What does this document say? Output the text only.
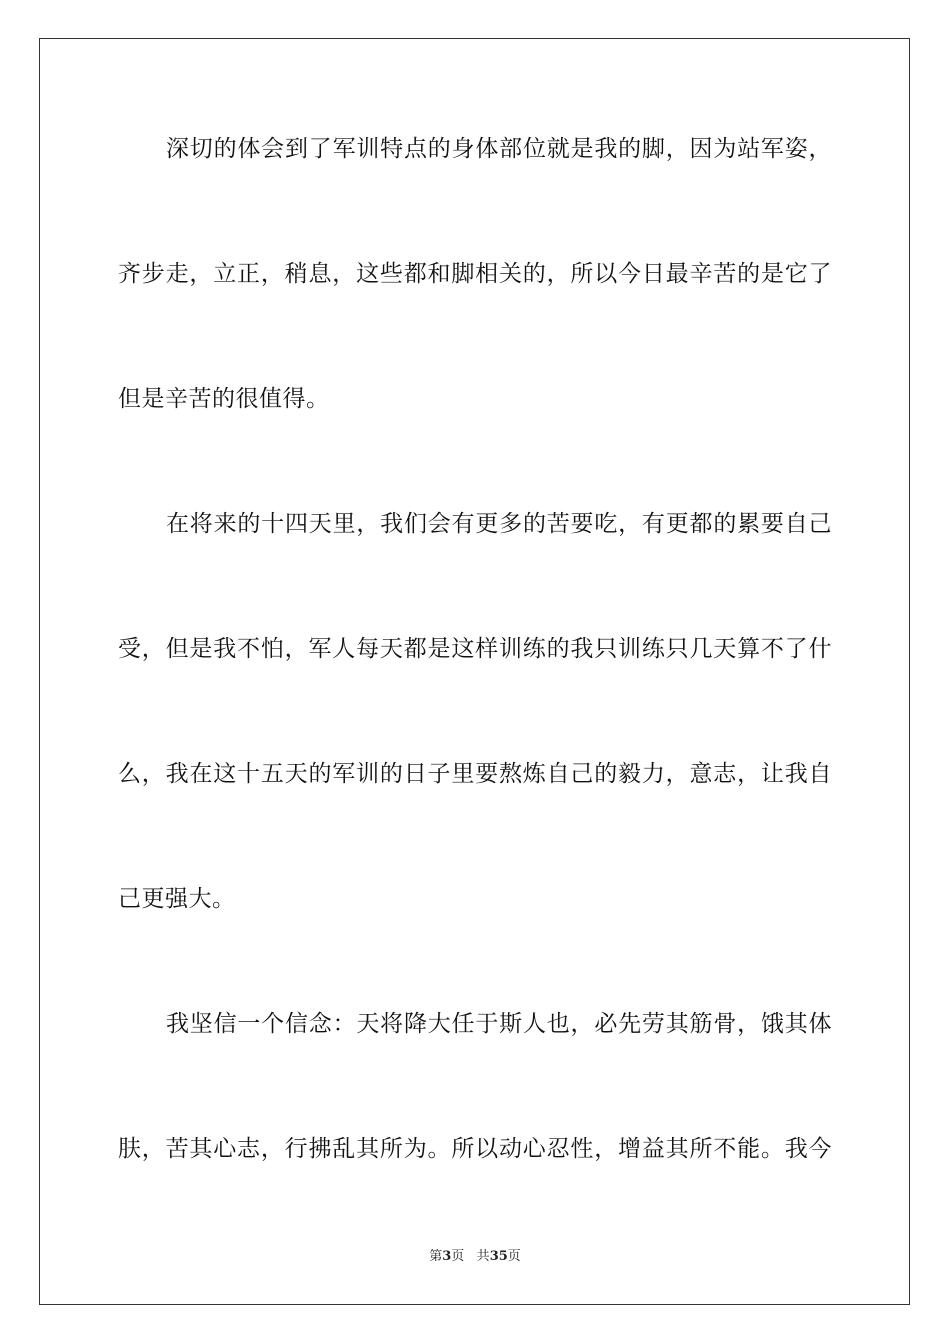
深切的体会到了军训特点的身体部位就是我的脚，因为站军姿，
齐步走，立正，稍息，这些都和脚相关的，所以今日最辛苦的是它了
但是辛苦的很值得。
在将来的十四天里，我们会有更多的苦要吃，有更都的累要自己
受，但是我不怕，军人每天都是这样训练的我只训练只几天算不了什
么，我在这十五天的军训的日子里要熬炼自己的毅力，意志，让我自
己更强大。
我坚信一个信念：天将降大任于斯人也，必先劳其筋骨，饿其体
肤，苦其心志，行拂乱其所为。所以动心忍性，增益其所不能。我今
第3页 共35页
